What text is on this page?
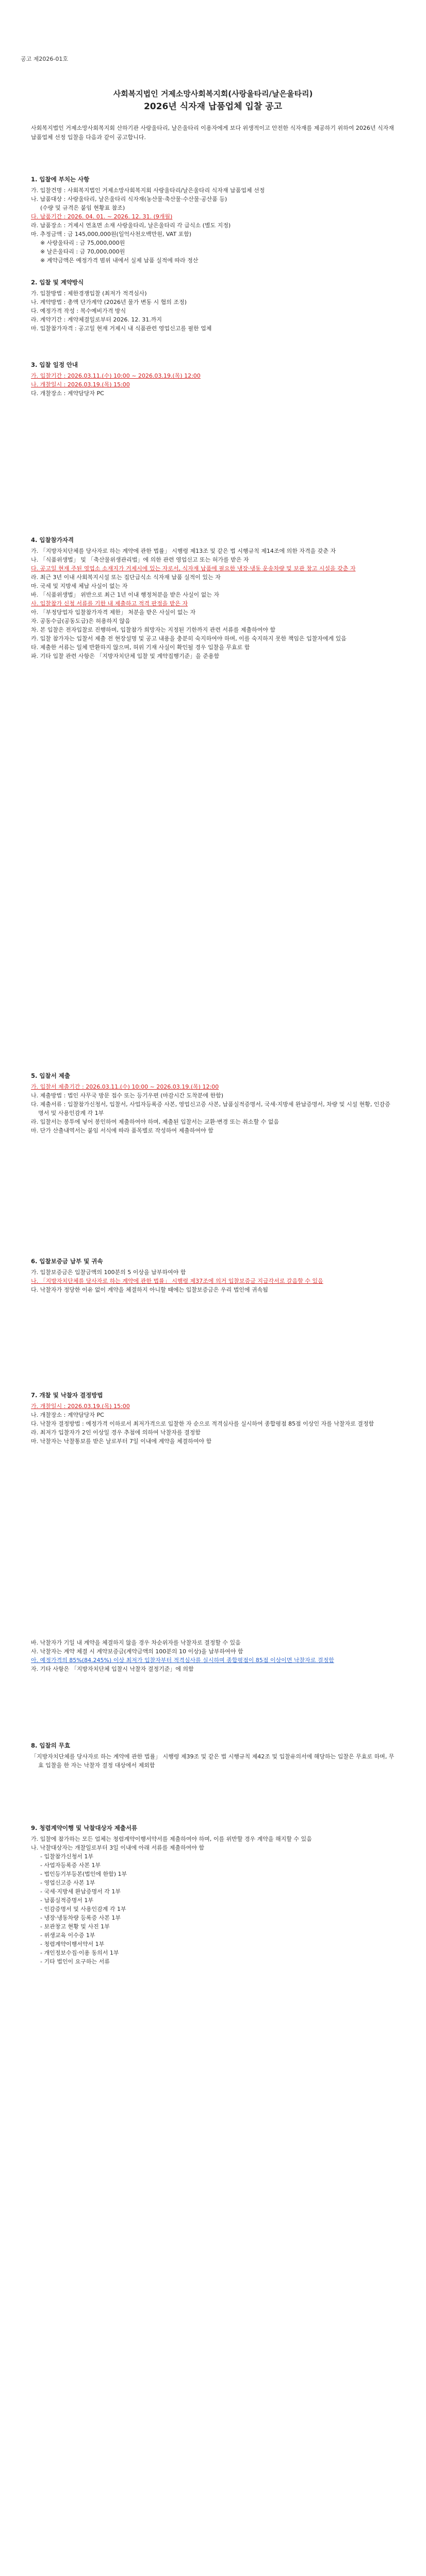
공고 제2026-01호
사회복지법인 거제소망사회복지회(사랑울타리/날은울타리)
2026년 식자재 납품업체 입찰 공고
사회복지법인 거제소망사회복지회 산하기관 사랑울타리, 날은울타리 이용자에게 보다 위생적이고 안전한 식자재를 제공하기 위하여 2026년 식자재 납품업체 선정 입찰을 다음과 같이 공고합니다.
1. 입찰에 부치는 사항

가. 입찰건명 : 사회복지법인 거제소망사회복지회 사랑울타리/날은울타리 식자재 납품업체 선정

나. 납품대상 : 사랑울타리, 날은울타리 식자재(농산물·축산물·수산물·공산품 등)

(수량 및 규격은 붙임 현황표 참조)

다. 납품기간 : 2026. 04. 01. ~ 2026. 12. 31. (9개월)

라. 납품장소 : 거제시 연초면 소재 사랑울타리, 날은울타리 각 급식소 (별도 지정)

마. 추정금액 : 금 145,000,000원(일억사천오백만원, VAT 포함)

※ 사랑울타리 : 금 75,000,000원

※ 날은울타리 : 금 70,000,000원

※ 계약금액은 예정가격 범위 내에서 실제 납품 실적에 따라 정산

2. 입찰 및 계약방식

가. 입찰방법 : 제한경쟁입찰 (최저가 적격심사)

나. 계약방법 : 총액 단가계약 (2026년 물가 변동 시 협의 조정)

다. 예정가격 작성 : 복수예비가격 방식

라. 계약기간 : 계약체결일로부터 2026. 12. 31.까지

마. 입찰참가자격 : 공고일 현재 거제시 내 식품관련 영업신고를 필한 업체

3. 입찰 일정 안내

가. 입찰기간 : 2026.03.11.(수) 10:00 ~ 2026.03.19.(목) 12:00

나. 개찰일시 : 2026.03.19.(목) 15:00

다. 개찰장소 : 계약담당자 PC

4. 입찰참가자격

가. 「지방자치단체를 당사자로 하는 계약에 관한 법률」 시행령 제13조 및 같은 법 시행규칙 제14조에 의한 자격을 갖춘 자

나. 「식품위생법」 및 「축산물위생관리법」에 의한 관련 영업신고 또는 허가를 받은 자

다. 공고일 현재 주된 영업소 소재지가 거제시에 있는 자로서, 식자재 납품에 필요한 냉장·냉동 운송차량 및 보관 창고 시설을 갖춘 자

라. 최근 3년 이내 사회복지시설 또는 집단급식소 식자재 납품 실적이 있는 자

마. 국세 및 지방세 체납 사실이 없는 자

바. 「식품위생법」 위반으로 최근 1년 이내 행정처분을 받은 사실이 없는 자

사. 입찰참가 신청 서류를 기한 내 제출하고 적격 판정을 받은 자

아. 「부정당업자 입찰참가자격 제한」 처분을 받은 사실이 없는 자

자. 공동수급(공동도급)은 허용하지 않음

차. 본 입찰은 전자입찰로 진행하며, 입찰참가 희망자는 지정된 기한까지 관련 서류를 제출하여야 함

카. 입찰 참가자는 입찰서 제출 전 현장설명 및 공고 내용을 충분히 숙지하여야 하며, 이를 숙지하지 못한 책임은 입찰자에게 있음

타. 제출한 서류는 일체 반환하지 않으며, 허위 기재 사실이 확인될 경우 입찰을 무효로 함

파. 기타 입찰 관련 사항은 「지방자치단체 입찰 및 계약집행기준」을 준용함

5. 입찰서 제출

가. 입찰서 제출기간 : 2026.03.11.(수) 10:00 ~ 2026.03.19.(목) 12:00

나. 제출방법 : 법인 사무국 방문 접수 또는 등기우편 (마감시간 도착분에 한함)

다. 제출서류 : 입찰참가신청서, 입찰서, 사업자등록증 사본, 영업신고증 사본, 납품실적증명서, 국세·지방세 완납증명서, 차량 및 시설 현황, 인감증명서 및 사용인감계 각 1부

라. 입찰서는 봉투에 넣어 봉인하여 제출하여야 하며, 제출된 입찰서는 교환·변경 또는 취소할 수 없음

마. 단가 산출내역서는 붙임 서식에 따라 품목별로 작성하여 제출하여야 함

6. 입찰보증금 납부 및 귀속

가. 입찰보증금은 입찰금액의 100분의 5 이상을 납부하여야 함

나. 「지방자치단체를 당사자로 하는 계약에 관한 법률」 시행령 제37조에 의거 입찰보증금 지급각서로 갈음할 수 있음

다. 낙찰자가 정당한 이유 없이 계약을 체결하지 아니할 때에는 입찰보증금은 우리 법인에 귀속됨

7. 개찰 및 낙찰자 결정방법

가. 개찰일시 : 2026.03.19.(목) 15:00

나. 개찰장소 : 계약담당자 PC

다. 낙찰자 결정방법 : 예정가격 이하로서 최저가격으로 입찰한 자 순으로 적격심사를 실시하여 종합평점 85점 이상인 자를 낙찰자로 결정함

라. 최저가 입찰자가 2인 이상일 경우 추첨에 의하여 낙찰자를 결정함

마. 낙찰자는 낙찰통보를 받은 날로부터 7일 이내에 계약을 체결하여야 함

바. 낙찰자가 기일 내 계약을 체결하지 않을 경우 차순위자를 낙찰자로 결정할 수 있음

사. 낙찰자는 계약 체결 시 계약보증금(계약금액의 100분의 10 이상)을 납부하여야 함

아. 예정가격의 85%(84.245%) 이상 최저가 입찰자부터 적격심사를 실시하며 종합평점이 85점 이상이면 낙찰자로 결정함

자. 기타 사항은 「지방자치단체 입찰시 낙찰자 결정기준」에 의함

8. 입찰의 무효

「지방자치단체를 당사자로 하는 계약에 관한 법률」 시행령 제39조 및 같은 법 시행규칙 제42조 및 입찰유의서에 해당하는 입찰은 무효로 하며, 무효 입찰을 한 자는 낙찰자 결정 대상에서 제외함

9. 청렴계약이행 및 낙찰대상자 제출서류

가. 입찰에 참가하는 모든 업체는 청렴계약이행서약서를 제출하여야 하며, 이를 위반할 경우 계약을 해지할 수 있음

나. 낙찰대상자는 개찰일로부터 3일 이내에 아래 서류를 제출하여야 함

- 입찰참가신청서 1부

- 사업자등록증 사본 1부

- 법인등기부등본(법인에 한함) 1부

- 영업신고증 사본 1부

- 국세·지방세 완납증명서 각 1부

- 납품실적증명서 1부

- 인감증명서 및 사용인감계 각 1부

- 냉장·냉동차량 등록증 사본 1부

- 보관창고 현황 및 사진 1부

- 위생교육 이수증 1부

- 청렴계약이행서약서 1부

- 개인정보수집·이용 동의서 1부

- 기타 법인이 요구하는 서류
